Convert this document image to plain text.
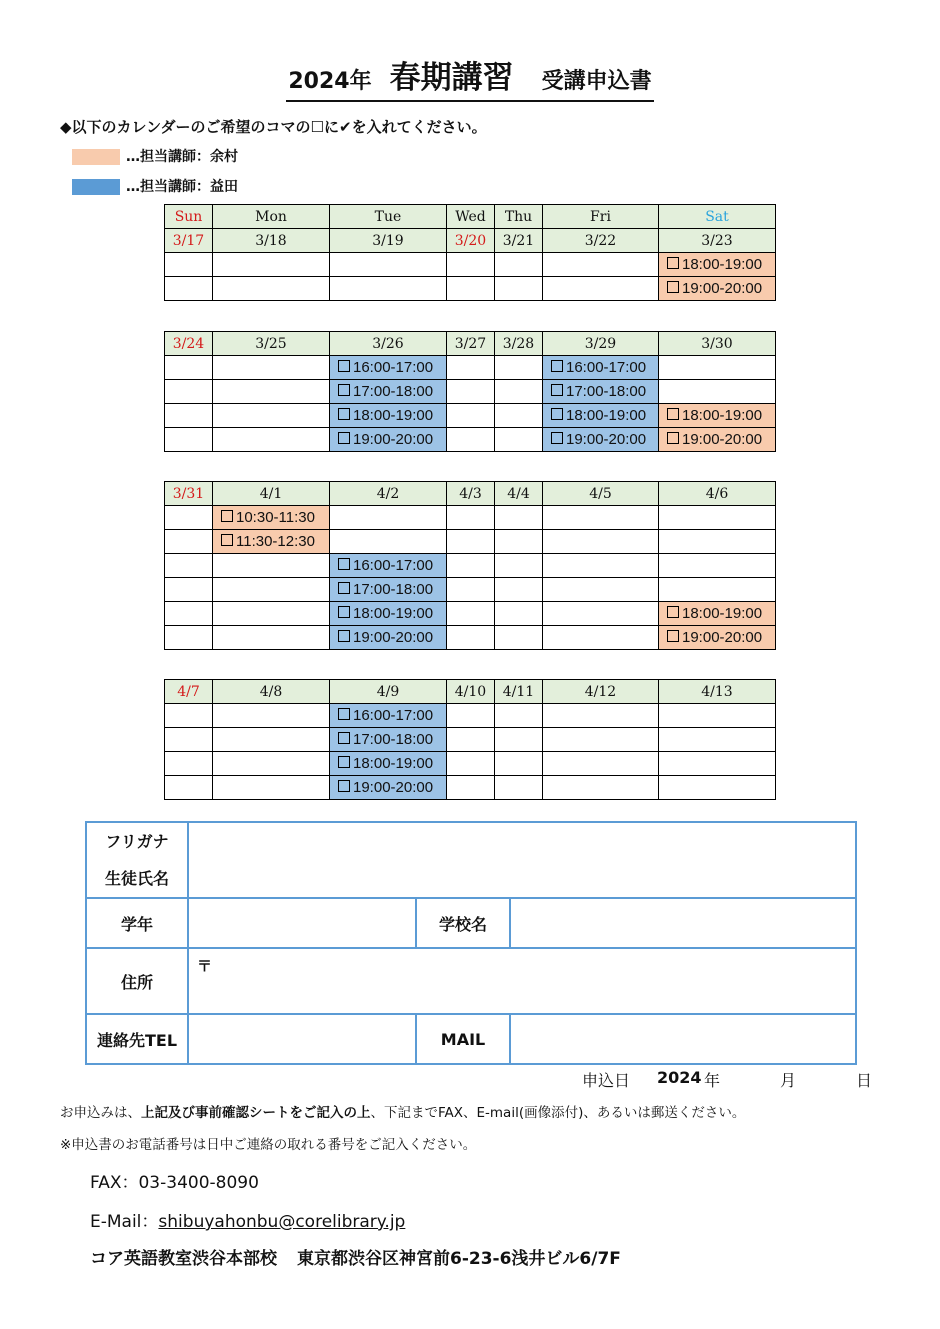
2024年 春期講習 受講申込書
◆以下のカレンダーのご希望のコマの☐に✔を入れてください。
…担当講師：余村
…担当講師：益田
Sun	Mon	Tue	Wed	Thu	Fri	Sat
3/17	3/18	3/19	3/20	3/21	3/22	3/23
						18:00-19:00
						19:00-20:00
3/24	3/25	3/26	3/27	3/28	3/29	3/30
		16:00-17:00			16:00-17:00	
		17:00-18:00			17:00-18:00	
		18:00-19:00			18:00-19:00	18:00-19:00
		19:00-20:00			19:00-20:00	19:00-20:00
3/31	4/1	4/2	4/3	4/4	4/5	4/6
	10:30-11:30					
	11:30-12:30					
		16:00-17:00				
		17:00-18:00				
		18:00-19:00				18:00-19:00
		19:00-20:00				19:00-20:00
4/7	4/8	4/9	4/10	4/11	4/12	4/13
		16:00-17:00				
		17:00-18:00				
		18:00-19:00				
		19:00-20:00				
フリガナ
生徒氏名			

学年		学校名	
住所	〒		
連絡先TEL		MAIL	
申込日 2024 年	月	日
お申込みは、上記及び事前確認シートをご記入の上、下記までFAX、E-mail(画像添付)、あるいは郵送ください。
※申込書のお電話番号は日中ご連絡の取れる番号をご記入ください。
FAX：03-3400-8090
E-Mail：shibuyahonbu@corelibrary.jp
コア英語教室渋谷本部校 東京都渋谷区神宮前6-23-6浅井ビル6/7F
